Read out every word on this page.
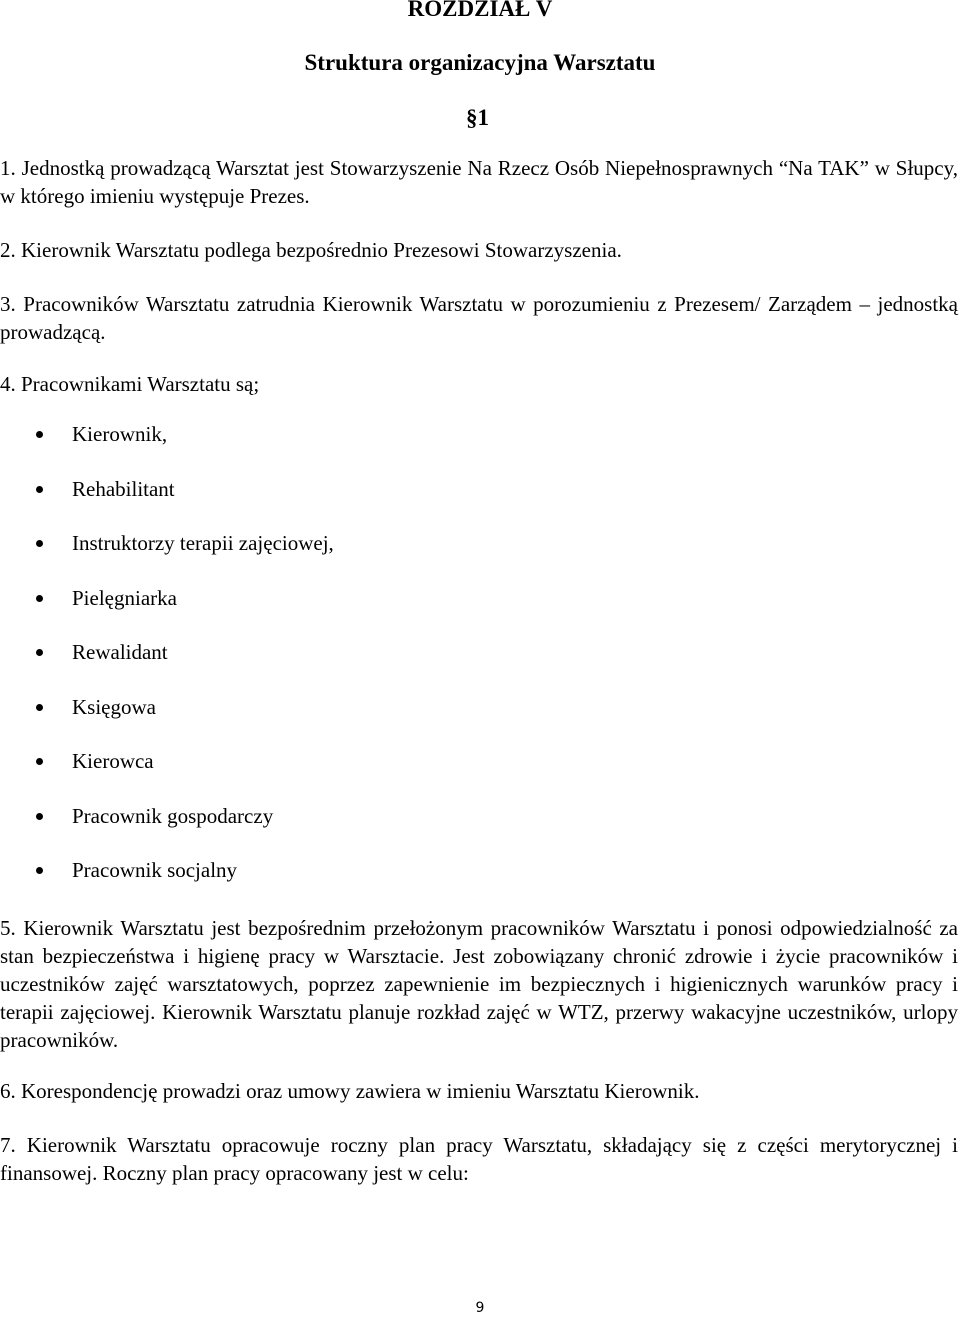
ROZDZIAŁ V
Struktura organizacyjna Warsztatu
§1

1. Jednostką prowadzącą Warsztat jest Stowarzyszenie Na Rzecz Osób Niepełnosprawnych “Na TAK” w Słupcy, w którego imieniu występuje Prezes.

2. Kierownik Warsztatu podlega bezpośrednio Prezesowi Stowarzyszenia.

3. Pracowników Warsztatu zatrudnia Kierownik Warsztatu w porozumieniu z Prezesem/ Zarządem – jednostką prowadzącą.

4. Pracownikami Warsztatu są;

Kierownik,
Rehabilitant
Instruktorzy terapii zajęciowej,
Pielęgniarka
Rewalidant
Księgowa
Kierowca
Pracownik gospodarczy
Pracownik socjalny

5. Kierownik Warsztatu jest bezpośrednim przełożonym pracowników Warsztatu i ponosi odpowiedzialność za stan bezpieczeństwa i higienę pracy w Warsztacie. Jest zobowiązany chronić zdrowie i życie pracowników i uczestników zajęć warsztatowych, poprzez zapewnienie im bezpiecznych i higienicznych warunków pracy i terapii zajęciowej. Kierownik Warsztatu planuje rozkład zajęć w WTZ, przerwy wakacyjne uczestników, urlopy pracowników.

6. Korespondencję prowadzi oraz umowy zawiera w imieniu Warsztatu Kierownik.

7. Kierownik Warsztatu opracowuje roczny plan pracy Warsztatu, składający się z części merytorycznej i finansowej. Roczny plan pracy opracowany jest w celu:

9
